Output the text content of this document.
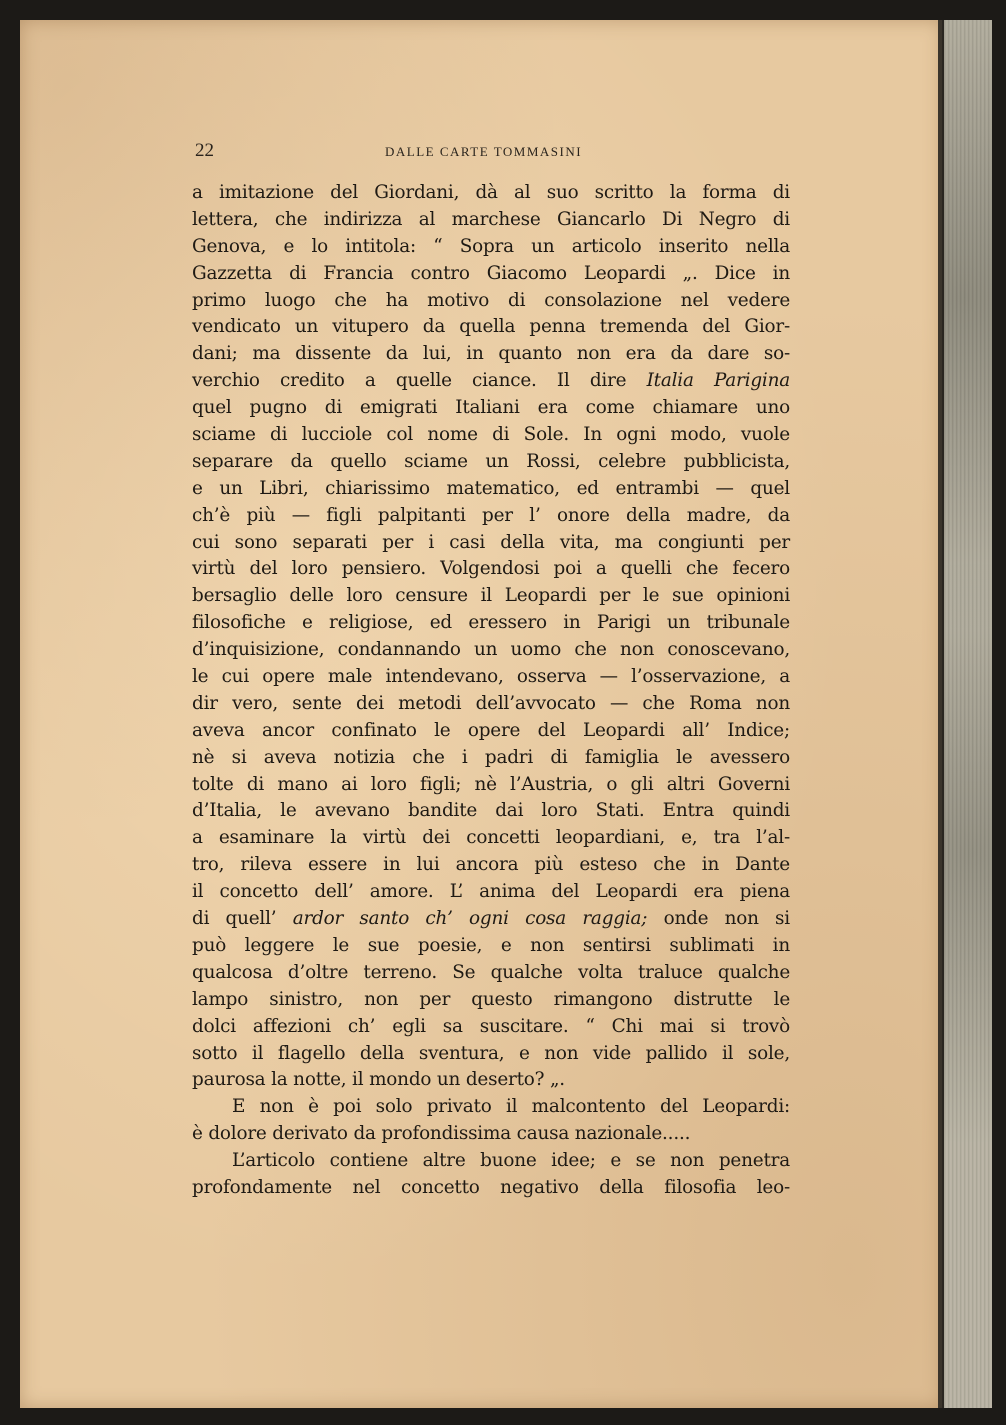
22	DALLE CARTE TOMMASINI
a imitazione del Giordani, dà al suo scritto la forma di
lettera, che indirizza al marchese Giancarlo Di Negro di
Genova, e lo intitola: “ Sopra un articolo inserito nella
Gazzetta di Francia contro Giacomo Leopardi „. Dice in
primo luogo che ha motivo di consolazione nel vedere
vendicato un vitupero da quella penna tremenda del Gior-
dani; ma dissente da lui, in quanto non era da dare so-
verchio credito a quelle ciance. Il dire Italia Parigina
quel pugno di emigrati Italiani era come chiamare uno
sciame di lucciole col nome di Sole. In ogni modo, vuole
separare da quello sciame un Rossi, celebre pubblicista,
e un Libri, chiarissimo matematico, ed entrambi — quel
ch’è più — figli palpitanti per l’ onore della madre, da
cui sono separati per i casi della vita, ma congiunti per
virtù del loro pensiero. Volgendosi poi a quelli che fecero
bersaglio delle loro censure il Leopardi per le sue opinioni
filosofiche e religiose, ed eressero in Parigi un tribunale
d’inquisizione, condannando un uomo che non conoscevano,
le cui opere male intendevano, osserva — l’osservazione, a
dir vero, sente dei metodi dell’avvocato — che Roma non
aveva ancor confinato le opere del Leopardi all’ Indice;
nè si aveva notizia che i padri di famiglia le avessero
tolte di mano ai loro figli; nè l’Austria, o gli altri Governi
d’Italia, le avevano bandite dai loro Stati. Entra quindi
a esaminare la virtù dei concetti leopardiani, e, tra l’al-
tro, rileva essere in lui ancora più esteso che in Dante
il concetto dell’ amore. L’ anima del Leopardi era piena
di quell’ ardor santo ch’ ogni cosa raggia; onde non si
può leggere le sue poesie, e non sentirsi sublimati in
qualcosa d’oltre terreno. Se qualche volta traluce qualche
lampo sinistro, non per questo rimangono distrutte le
dolci affezioni ch’ egli sa suscitare. “ Chi mai si trovò
sotto il flagello della sventura, e non vide pallido il sole,
paurosa la notte, il mondo un deserto? „.
E non è poi solo privato il malcontento del Leopardi:
è dolore derivato da profondissima causa nazionale.....
L’articolo contiene altre buone idee; e se non penetra
profondamente nel concetto negativo della filosofia leo-
